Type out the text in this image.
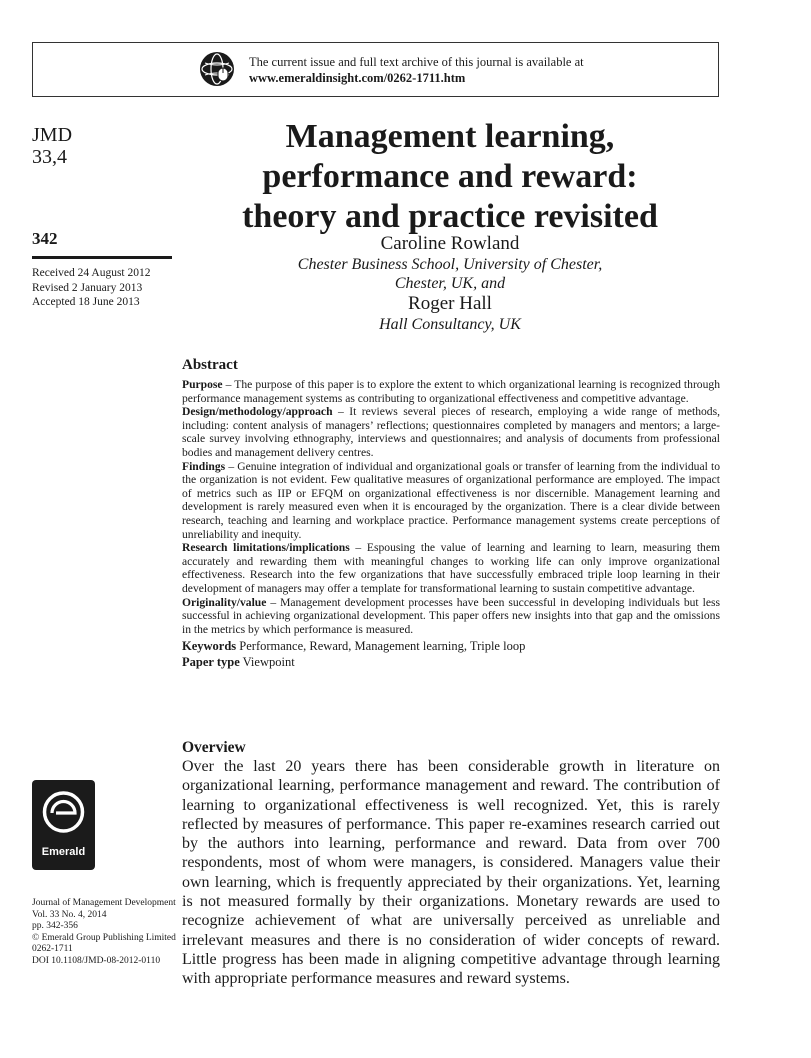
The current issue and full text archive of this journal is available at
www.emeraldinsight.com/0262-1711.htm
JMD
33,4
342
Received 24 August 2012
Revised 2 January 2013
Accepted 18 June 2013
Management learning,
performance and reward:
theory and practice revisited
Caroline Rowland
Chester Business School, University of Chester,
Chester, UK, and
Roger Hall
Hall Consultancy, UK
Abstract

Purpose – The purpose of this paper is to explore the extent to which organizational learning is recognized through performance management systems as contributing to organizational effectiveness and competitive advantage.

Design/methodology/approach – It reviews several pieces of research, employing a wide range of methods, including: content analysis of managers’ reflections; questionnaires completed by managers and mentors; a large-scale survey involving ethnography, interviews and questionnaires; and analysis of documents from professional bodies and management delivery centres.

Findings – Genuine integration of individual and organizational goals or transfer of learning from the individual to the organization is not evident. Few qualitative measures of organizational performance are employed. The impact of metrics such as IIP or EFQM on organizational effectiveness is nor discernible. Management learning and development is rarely measured even when it is encouraged by the organization. There is a clear divide between research, teaching and learning and workplace practice. Performance management systems create perceptions of unreliability and inequity.

Research limitations/implications – Espousing the value of learning and learning to learn, measuring them accurately and rewarding them with meaningful changes to working life can only improve organizational effectiveness. Research into the few organizations that have successfully embraced triple loop learning in their development of managers may offer a template for transformational learning to sustain competitive advantage.

Originality/value – Management development processes have been successful in developing individuals but less successful in achieving organizational development. This paper offers new insights into that gap and the omissions in the metrics by which performance is measured.

Keywords Performance, Reward, Management learning, Triple loop

Paper type Viewpoint

Overview

Over the last 20 years there has been considerable growth in literature on organizational learning, performance management and reward. The contribution of learning to organizational effectiveness is well recognized. Yet, this is rarely reflected by measures of performance. This paper re-examines research carried out by the authors into learning, performance and reward. Data from over 700 respondents, most of whom were managers, is considered. Managers value their own learning, which is frequently appreciated by their organizations. Yet, learning is not measured formally by their organizations. Monetary rewards are used to recognize achievement of what are universally perceived as unreliable and irrelevant measures and there is no consideration of wider concepts of reward. Little progress has been made in aligning competitive advantage through learning with appropriate performance measures and reward systems.

Emerald
Journal of Management Development
Vol. 33 No. 4, 2014
pp. 342-356
© Emerald Group Publishing Limited
0262-1711
DOI 10.1108/JMD-08-2012-0110
